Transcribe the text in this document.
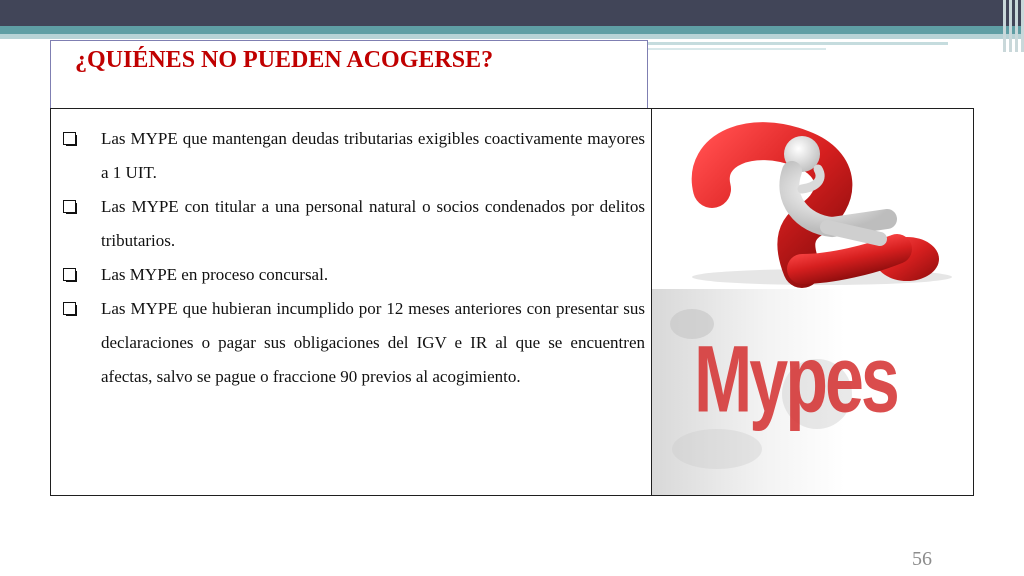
¿QUIÉNES NO PUEDEN ACOGERSE?
Las MYPE que mantengan deudas tributarias exigibles coactivamente mayores a 1 UIT.
Las MYPE con titular a una personal natural o socios condenados por delitos tributarios.
Las MYPE en proceso concursal.
Las MYPE que hubieran incumplido por 12 meses anteriores con presentar sus declaraciones o pagar sus obligaciones del IGV e IR al que se encuentren afectas, salvo se pague o fraccione 90 previos al acogimiento.	Mypes
56
